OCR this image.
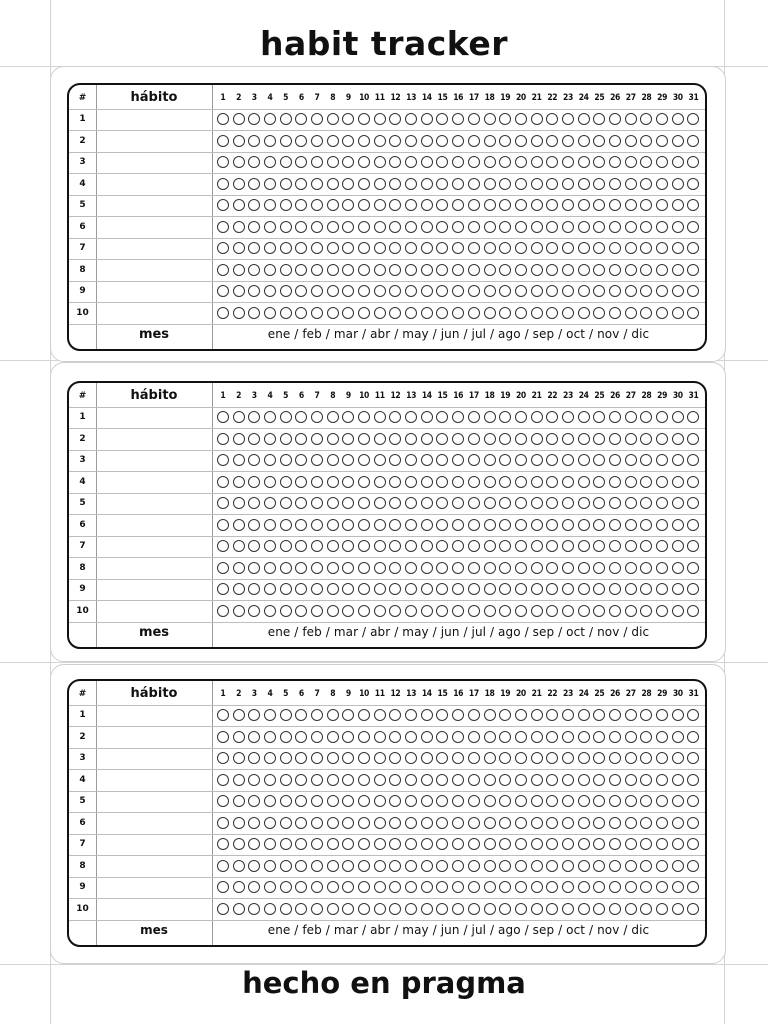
habit tracker
#	hábito	1	2	3	4	5	6	7	8	9 10 11 12 13 14 15 16 17 18 19 20 21 22 23 24 25 26 27 28 29 30 31
1
2
3
4
5
6
7
8
9
10
mes	ene / feb / mar / abr / may / jun / jul / ago / sep / oct / nov / dic
#	hábito	1	2	3	4	5	6	7	8	9 10 11 12 13 14 15 16 17 18 19 20 21 22 23 24 25 26 27 28 29 30 31
1
2
3
4
5
6
7
8
9
10
mes	ene / feb / mar / abr / may / jun / jul / ago / sep / oct / nov / dic
#	hábito	1	2	3	4	5	6	7	8	9 10 11 12 13 14 15 16 17 18 19 20 21 22 23 24 25 26 27 28 29 30 31
1
2
3
4
5
6
7
8
9
10
mes	ene / feb / mar / abr / may / jun / jul / ago / sep / oct / nov / dic
hecho en pragma
